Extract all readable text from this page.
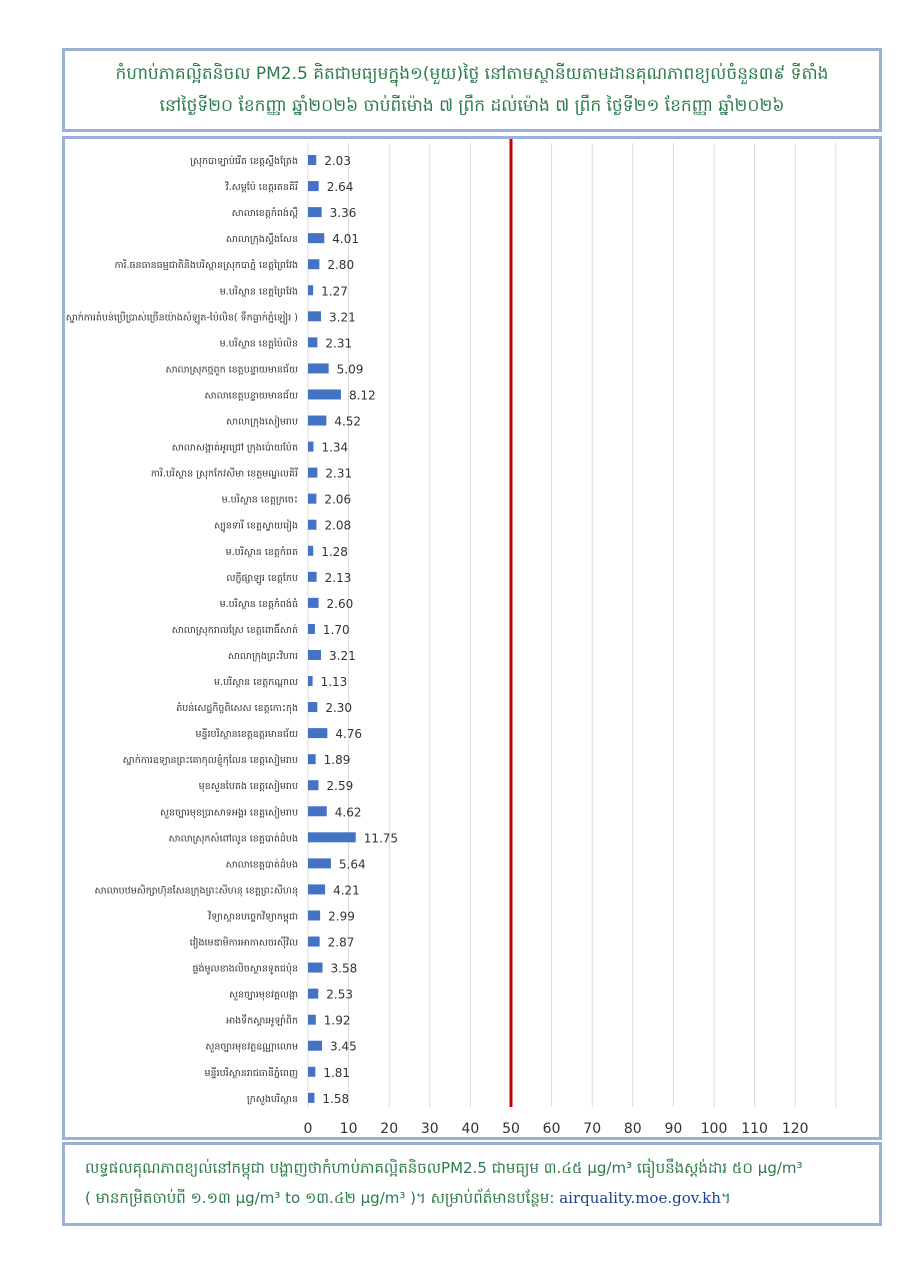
កំហាប់ភាគល្អិតនិចល PM2.5 គិតជាមធ្យមក្នុង១(មួយ)ថ្ងៃ នៅតាមស្ថានីយតាមដានគុណភាពខ្យល់ចំនួន៣៩ ទីតាំង
នៅថ្ងៃទី២០ ខែកញ្ញា ឆ្នាំ២០២៦ ចាប់ពីម៉ោង ៧ ព្រឹក ដល់ម៉ោង ៧ ព្រឹក ថ្ងៃទី២១ ខែកញ្ញា ឆ្នាំ២០២៦
0 10 20 30 40 50 60 70 80 90 100 110 120
ស្រុកបាទ្បាប់រើត ខេត្តស្ទឹងត្រែង 2.03
វិ.សម្ពប៉ែ ខេត្តរតនគិរី 2.64
សាលាខេត្តកំពង់ស្ពឺ	3.36
សាលាក្រុងស្ទឹងសែន	4.01
ការិ.ធនធានធម្មជាតិនិងបរិស្ថានស្រុកបាភ្នំ ខេត្តព្រៃវែង 2.80
ម.បរិស្ថាន ខេត្តព្រៃវែង 1.27
ស្នាក់ការតំបន់ប្រើប្រាស់ច្រើនយ៉ាងសំឡូត-ប៉ៃលិន( ទឹកធ្លាក់ភ្នំឡៀរ )	3.21
ម.បរិស្ថាន ខេត្តប៉ៃលិន 2.31
សាលាស្រុកថ្មពួក ខេត្តបន្ទាយមានជ័យ	5.09
សាលាខេត្តបន្ទាយមានជ័យ	8.12
សាលាក្រុងសៀមរាប	4.52
សាលាសង្កាត់អូរជ្រៅ ក្រុងប៉ោយប៉ែត 1.34
ការិ.បរិស្ថាន ស្រុកកែវសីមា ខេត្តមណ្ឌលគិរី 2.31
ម.បរិស្ថាន ខេត្តក្រចេះ 2.06
ស្បូនទារី ខេត្តស្វាយរៀង 2.08
ម.បរិស្ថាន ខេត្តកំពត 1.28
លក្ខីផ្សាឡូរ ខេត្តកែប 2.13
ម.បរិស្ថាន ខេត្តកំពង់ធំ 2.60
សាលាស្រុករាលស្រែ ខេត្តពោធិ៍សាត់ 1.70
សាលាក្រុងព្រះវិហារ	3.21
ម.បរិស្ថាន ខេត្តកណ្ដាល 1.13
តំបន់សេដ្ឋកិច្ចពិសេស ខេត្តកោះកុង 2.30
មន្ទីរបរិស្ថានខេត្តឧត្តរមានជ័យ	4.76
ស្នាក់ការឧទ្យានព្រះគោកុលខ្ញុំកុលែន ខេត្តសៀមរាប 1.89
មុខសួនបៃតង ខេត្តសៀមរាប 2.59
សួនច្បារមុខប្រាសាទអង្គរ ខេត្តសៀមរាប	4.62
សាលាស្រុកសំពៅលូន ខេត្តបាត់ដំបង	11.75
សាលាខេត្តបាត់ដំបង	5.64
សាលាបឋមសិក្សាហ៊ុនសែនក្រុងព្រះសីហនុ ខេត្តព្រះសីហនុ	4.21
វិទ្យាស្ថានបច្ចេកវិទ្យាកម្ពុជា	2.99
វៀងមេឌាមិការអាកាសចរស៊ីវិល 2.87
ផ្លង់មូលខាងលិចស្ថានទូតជប៉ុន	3.58
សួនច្បារមុខវត្តលង្កា 2.53
អាងទឹកស្តារអូឡាំពិក 1.92
សួនច្បារមុខវត្តឧណ្ណាលោម	3.45
មន្ទីរបរិស្ថានរាជធានីភ្នំពេញ 1.81
ក្រសួងបរិស្ថាន 1.58
លទ្ធផលគុណភាពខ្យល់នៅកម្ពុជា បង្ហាញថាកំហាប់ភាគល្អិតនិចលPM2.5 ជាមធ្យម ៣.៤៥ µg/m³ ធៀបនឹងស្តង់ដារ ៥០ µg/m³
( មានកម្រិតចាប់ពី ១.១៣ µg/m³ to ១៣.៤២ µg/m³ )។ សម្រាប់ព័ត៌មានបន្ថែម: airquality.moe.gov.kh។
